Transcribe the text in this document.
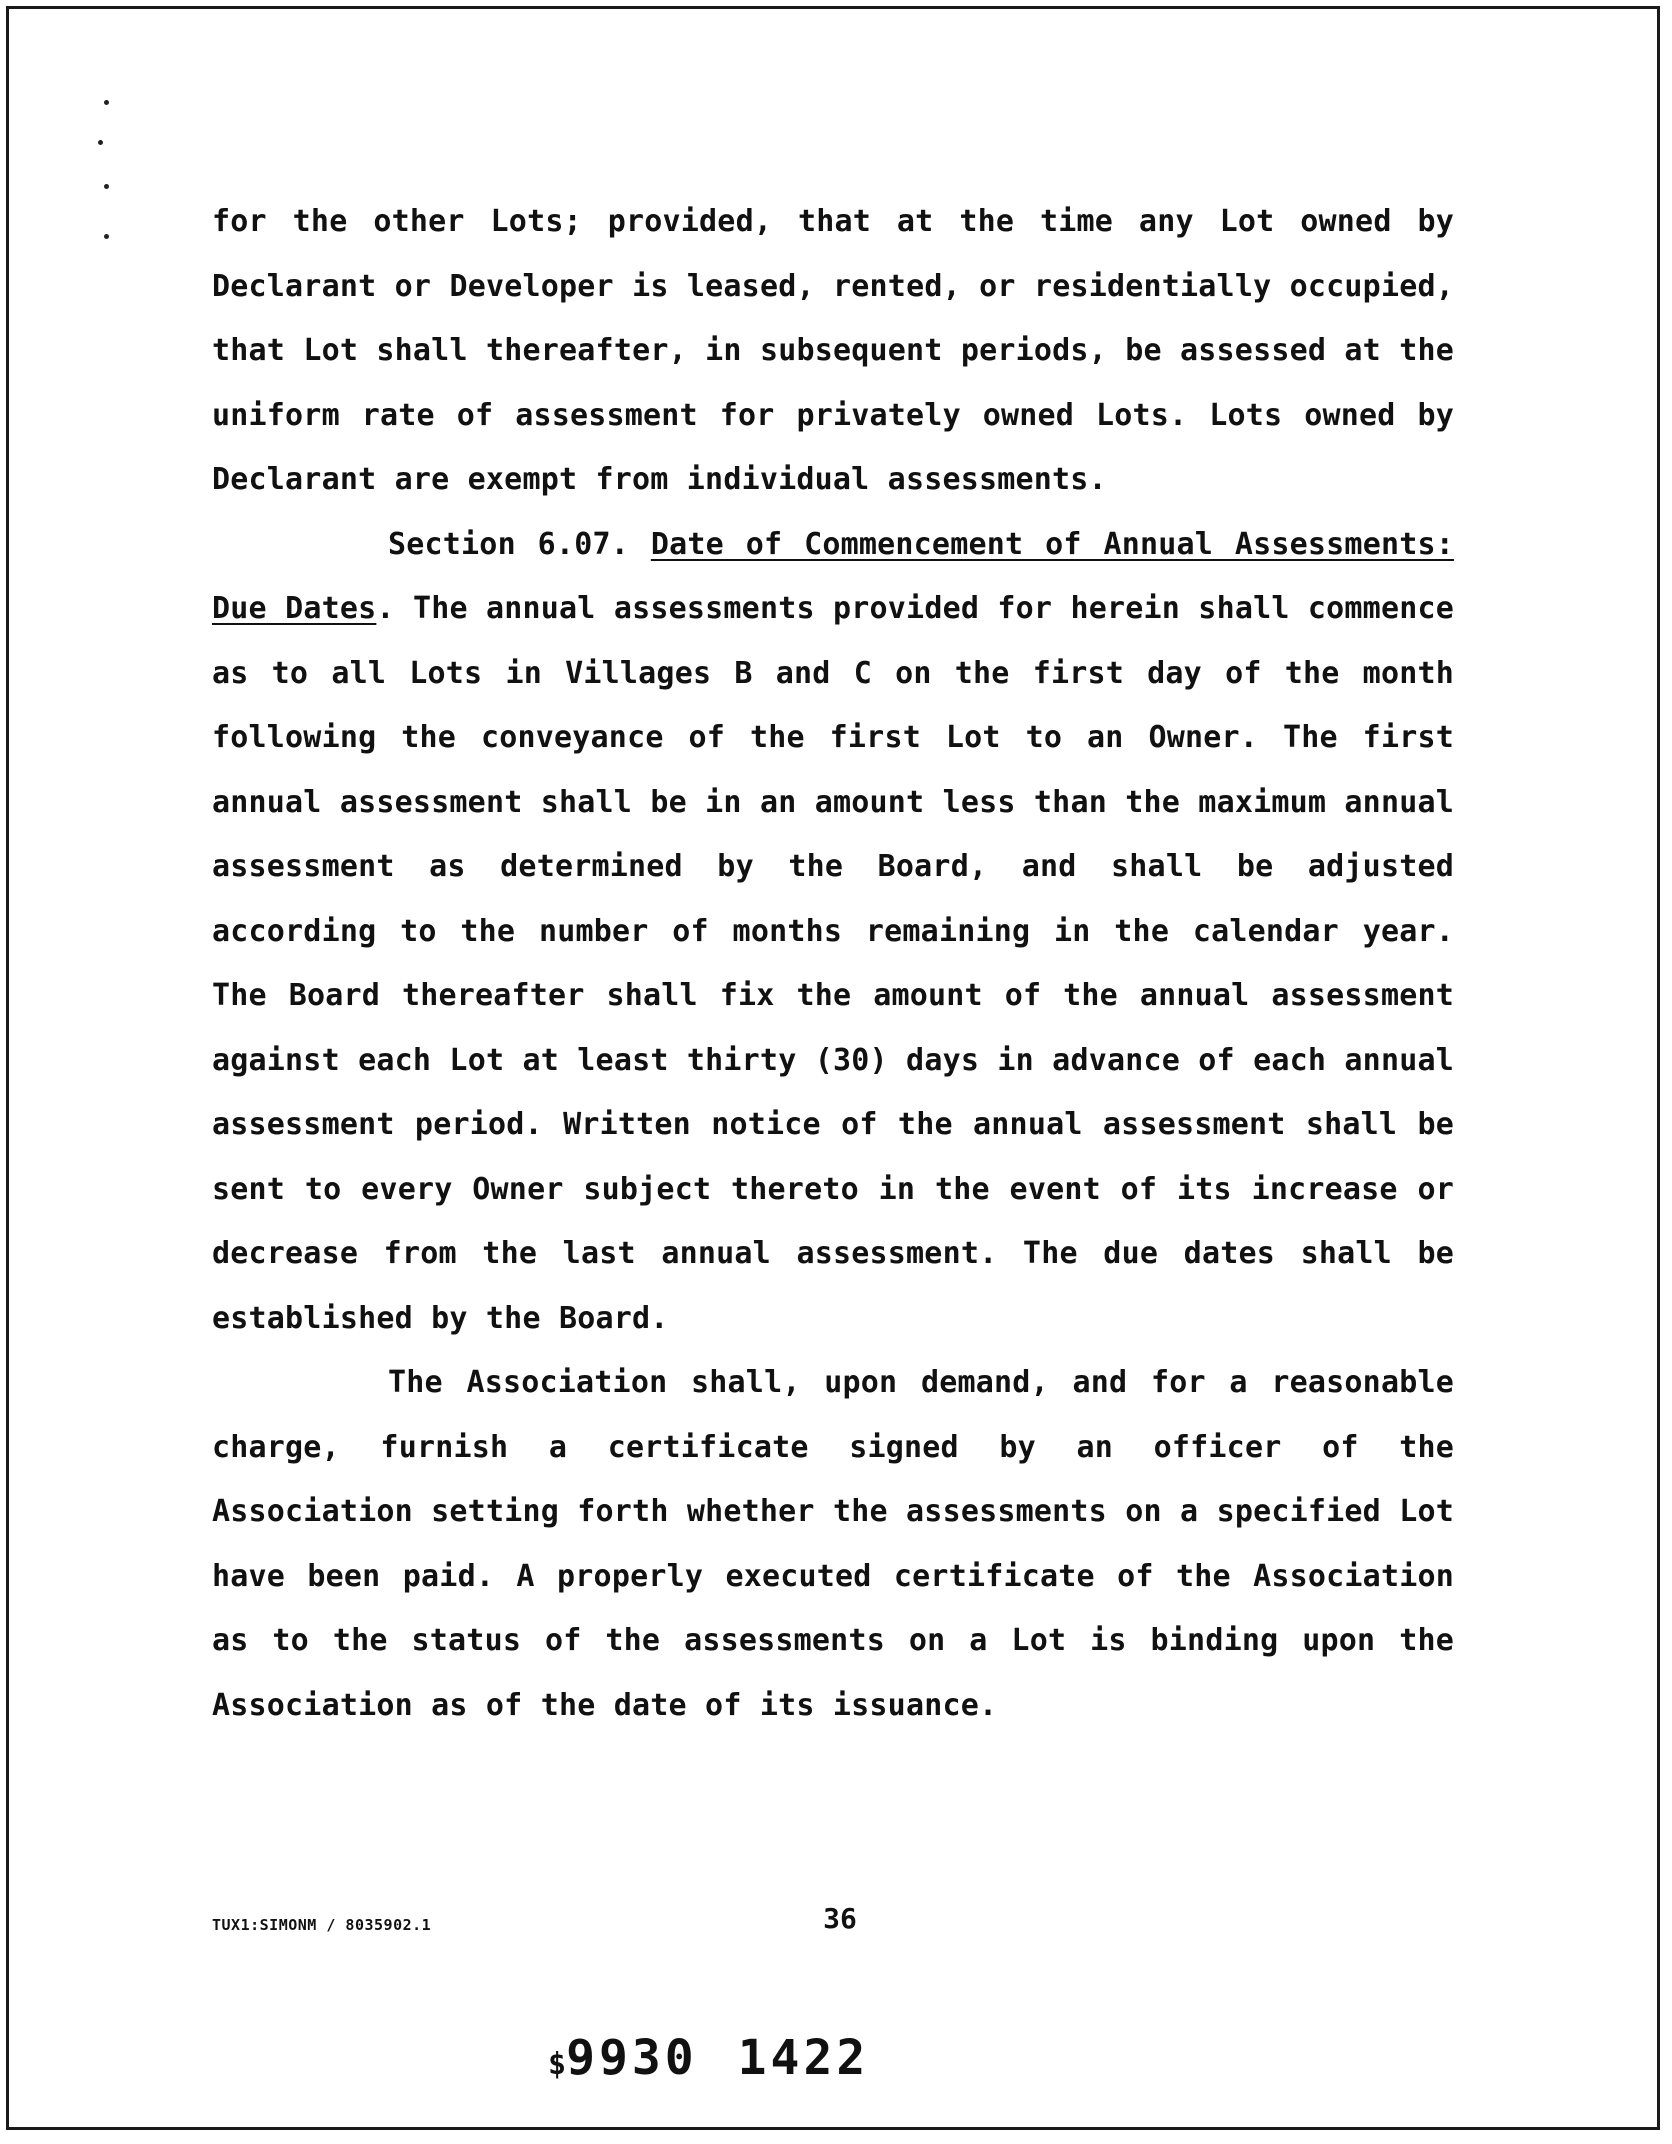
for the other Lots; provided, that at the time any Lot owned by Declarant or Developer is leased, rented, or residentially occupied, that Lot shall thereafter, in subsequent periods, be assessed at the uniform rate of assessment for privately owned Lots. Lots owned by Declarant are exempt from individual assessments.

Section 6.07. Date of Commencement of Annual Assessments: Due Dates. The annual assessments provided for herein shall commence as to all Lots in Villages B and C on the first day of the month following the conveyance of the first Lot to an Owner. The first annual assessment shall be in an amount less than the maximum annual assessment as determined by the Board, and shall be adjusted according to the number of months remaining in the calendar year. The Board thereafter shall fix the amount of the annual assessment against each Lot at least thirty (30) days in advance of each annual assessment period. Written notice of the annual assessment shall be sent to every Owner subject thereto in the event of its increase or decrease from the last annual assessment. The due dates shall be established by the Board.

The Association shall, upon demand, and for a reasonable charge, furnish a certificate signed by an officer of the Association setting forth whether the assessments on a specified Lot have been paid. A properly executed certificate of the Association as to the status of the assessments on a Lot is binding upon the Association as of the date of its issuance.

TUX1:SIMONM / 8035902.1	36
$9930 1422
